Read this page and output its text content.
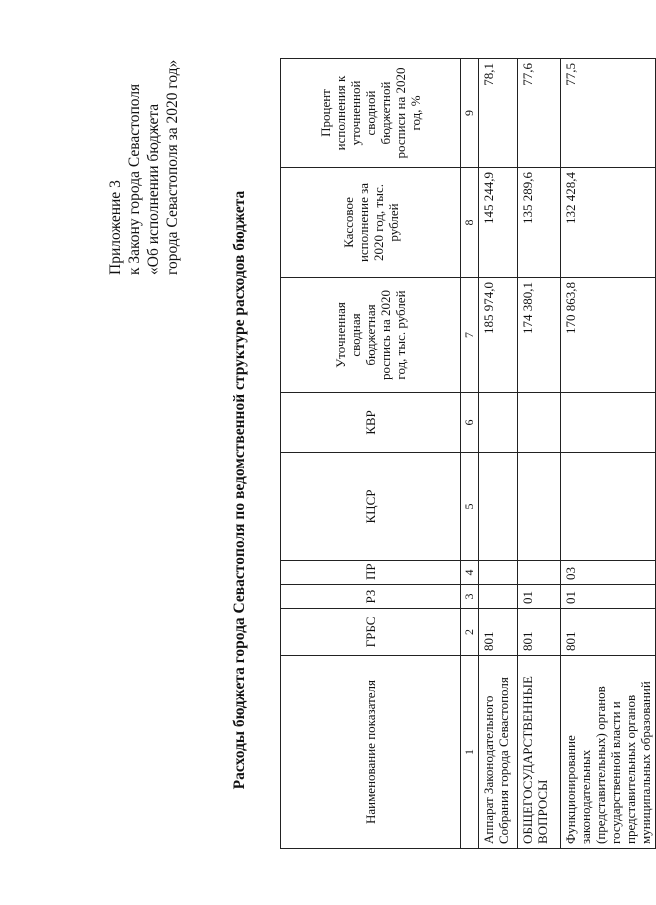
Приложение 3 к Закону города Севастополя «Об исполнении бюджета города Севастополя за 2020 год»
Расходы бюджета города Севастополя по ведомственной структуре расходов бюджета	Наименование показателя	ГРБС	РЗ	ПР	КЦСР	КВР	Уточненная сводная бюджетная роспись на 2020 год, тыс. рублей	Кассовое исполнение за 2020 год, тыс. рублей	Процент исполнения к уточненной сводной бюджетной росписи на 2020 год, %
1	2	3	4	5	6	7	8	9
Аппарат Законодательного Собрания города Севастополя	801					185 974,0	145 244,9	78,1
ОБЩЕГОСУДАРСТВЕННЫЕ ВОПРОСЫ	801	01				174 380,1	135 289,6	77,6
Функционирование законодательных (представительных) органов государственной власти и представительных органов муниципальных образований	801	01	03			170 863,8	132 428,4	77,5
